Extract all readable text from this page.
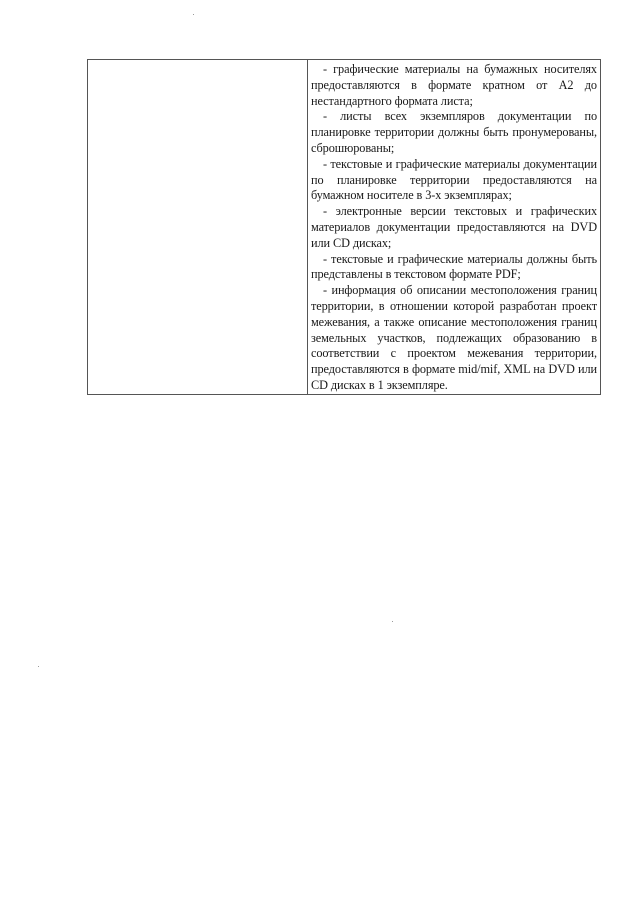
- графические материалы на бумажных носителях предоставляются в формате кратном от А2 до нестандартного формата листа;

- листы всех экземпляров документации по планировке территории должны быть пронумерованы, сброшюрованы;

- текстовые и графические материалы документации по планировке территории предоставляются на бумажном носителе в 3-х экземплярах;

- электронные версии текстовых и графических материалов документации предоставляются на DVD или CD дисках;

- текстовые и графические материалы должны быть представлены в текстовом формате PDF;

- информация об описании местоположения границ территории, в отношении которой разработан проект межевания, а также описание местоположения границ земельных участков, подлежащих образованию в соответствии с проектом межевания территории, предоставляются в формате mid/mif, XML на DVD или CD дисках в 1 экземпляре.
